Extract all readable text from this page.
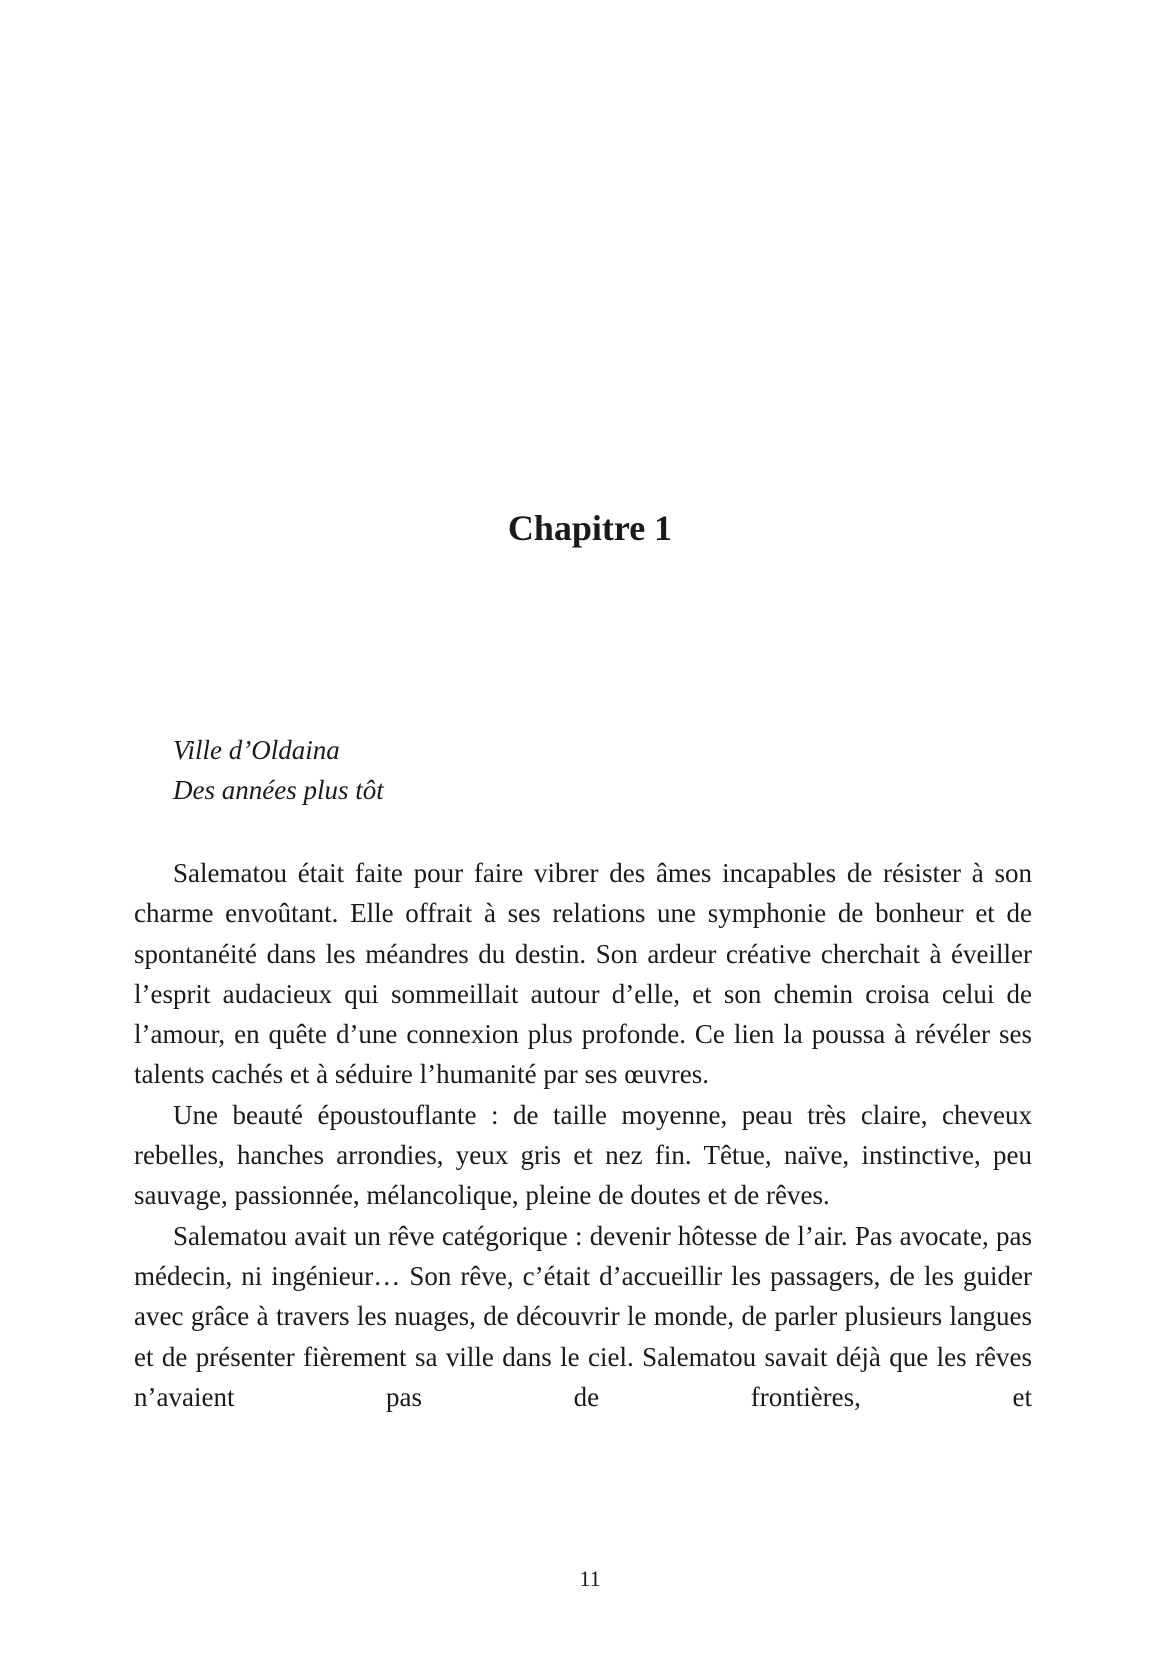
Chapitre 1
Ville d’Oldaina
Des années plus tôt

Salematou était faite pour faire vibrer des âmes incapables de résister à son charme envoûtant. Elle offrait à ses relations une symphonie de bonheur et de spontanéité dans les méandres du destin. Son ardeur créative cherchait à éveiller l’esprit audacieux qui sommeillait autour d’elle, et son chemin croisa celui de l’amour, en quête d’une connexion plus profonde. Ce lien la poussa à révéler ses talents cachés et à séduire l’humanité par ses œuvres.

Une beauté époustouflante : de taille moyenne, peau très claire, cheveux rebelles, hanches arrondies, yeux gris et nez fin. Têtue, naïve, instinctive, peu sauvage, passionnée, mélancolique, pleine de doutes et de rêves.

Salematou avait un rêve catégorique : devenir hôtesse de l’air. Pas avocate, pas médecin, ni ingénieur… Son rêve, c’était d’accueillir les passagers, de les guider avec grâce à travers les nuages, de découvrir le monde, de parler plusieurs langues et de présenter fièrement sa ville dans le ciel. Salematou savait déjà que les rêves n’avaient pas de frontières, et

11
